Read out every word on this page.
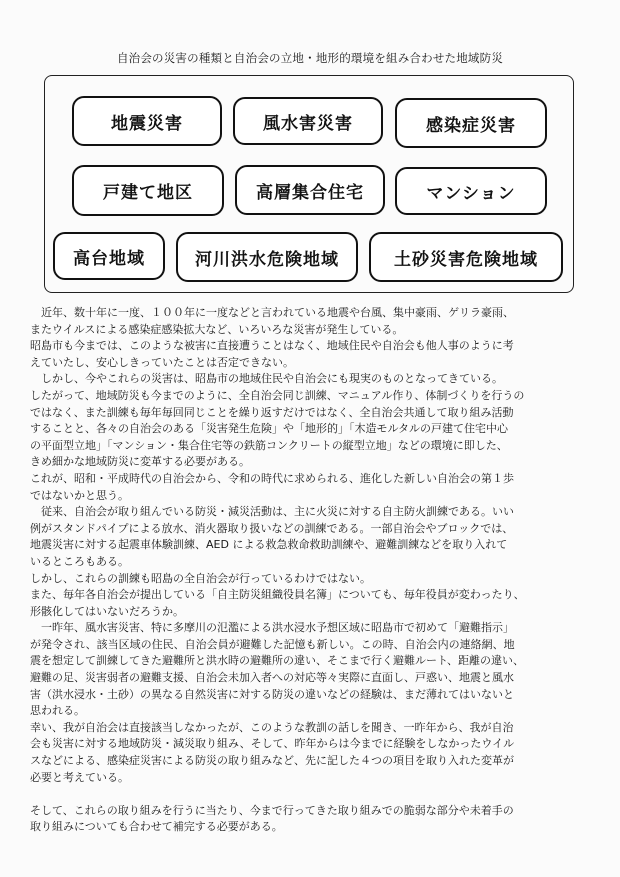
自治会の災害の種類と自治会の立地・地形的環境を組み合わせた地域防災
地震災害	風水害災害	感染症災害
戸建て地区	高層集合住宅	マンション
高台地域	河川洪水危険地域	土砂災害危険地域

　近年、数十年に一度、１００年に一度などと言われている地震や台風、集中豪雨、ゲリラ豪雨、

またウイルスによる感染症感染拡大など、いろいろな災害が発生している。

昭島市も今までは、このような被害に直接遭うことはなく、地域住民や自治会も他人事のように考

えていたし、安心しきっていたことは否定できない。

　しかし、今やこれらの災害は、昭島市の地域住民や自治会にも現実のものとなってきている。

したがって、地域防災も今までのように、全自治会同じ訓練、マニュアル作り、体制づくりを行うの

ではなく、また訓練も毎年毎回同じことを繰り返すだけではなく、全自治会共通して取り組み活動

することと、各々の自治会のある「災害発生危険」や「地形的」「木造モルタルの戸建て住宅中心

の平面型立地」「マンション・集合住宅等の鉄筋コンクリートの縦型立地」などの環境に即した、

きめ細かな地域防災に変革する必要がある。

これが、昭和・平成時代の自治会から、令和の時代に求められる、進化した新しい自治会の第１歩

ではないかと思う。

　従来、自治会が取り組んでいる防災・減災活動は、主に火災に対する自主防火訓練である。いい

例がスタンドパイプによる放水、消火器取り扱いなどの訓練である。一部自治会やブロックでは、

地震災害に対する起震車体験訓練、AED による救急救命救助訓練や、避難訓練などを取り入れて

いるところもある。

しかし、これらの訓練も昭島の全自治会が行っているわけではない。

また、毎年各自治会が提出している「自主防災組織役員名簿」についても、毎年役員が変わったり、

形骸化してはいないだろうか。

　一昨年、風水害災害、特に多摩川の氾濫による洪水浸水予想区域に昭島市で初めて「避難指示」

が発令され、該当区域の住民、自治会員が避難した記憶も新しい。この時、自治会内の連絡網、地

震を想定して訓練してきた避難所と洪水時の避難所の違い、そこまで行く避難ルート、距離の違い、

避難の足、災害弱者の避難支援、自治会未加入者への対応等々実際に直面し、戸惑い、地震と風水

害（洪水浸水・土砂）の異なる自然災害に対する防災の違いなどの経験は、まだ薄れてはいないと

思われる。

幸い、我が自治会は直接該当しなかったが、このような教訓の話しを聞き、一昨年から、我が自治

会も災害に対する地域防災・減災取り組み、そして、昨年からは今までに経験をしなかったウイル

スなどによる、感染症災害による防災の取り組みなど、先に記した４つの項目を取り入れた変革が

必要と考えている。

そして、これらの取り組みを行うに当たり、今まで行ってきた取り組みでの脆弱な部分や未着手の

取り組みについても合わせて補完する必要がある。
